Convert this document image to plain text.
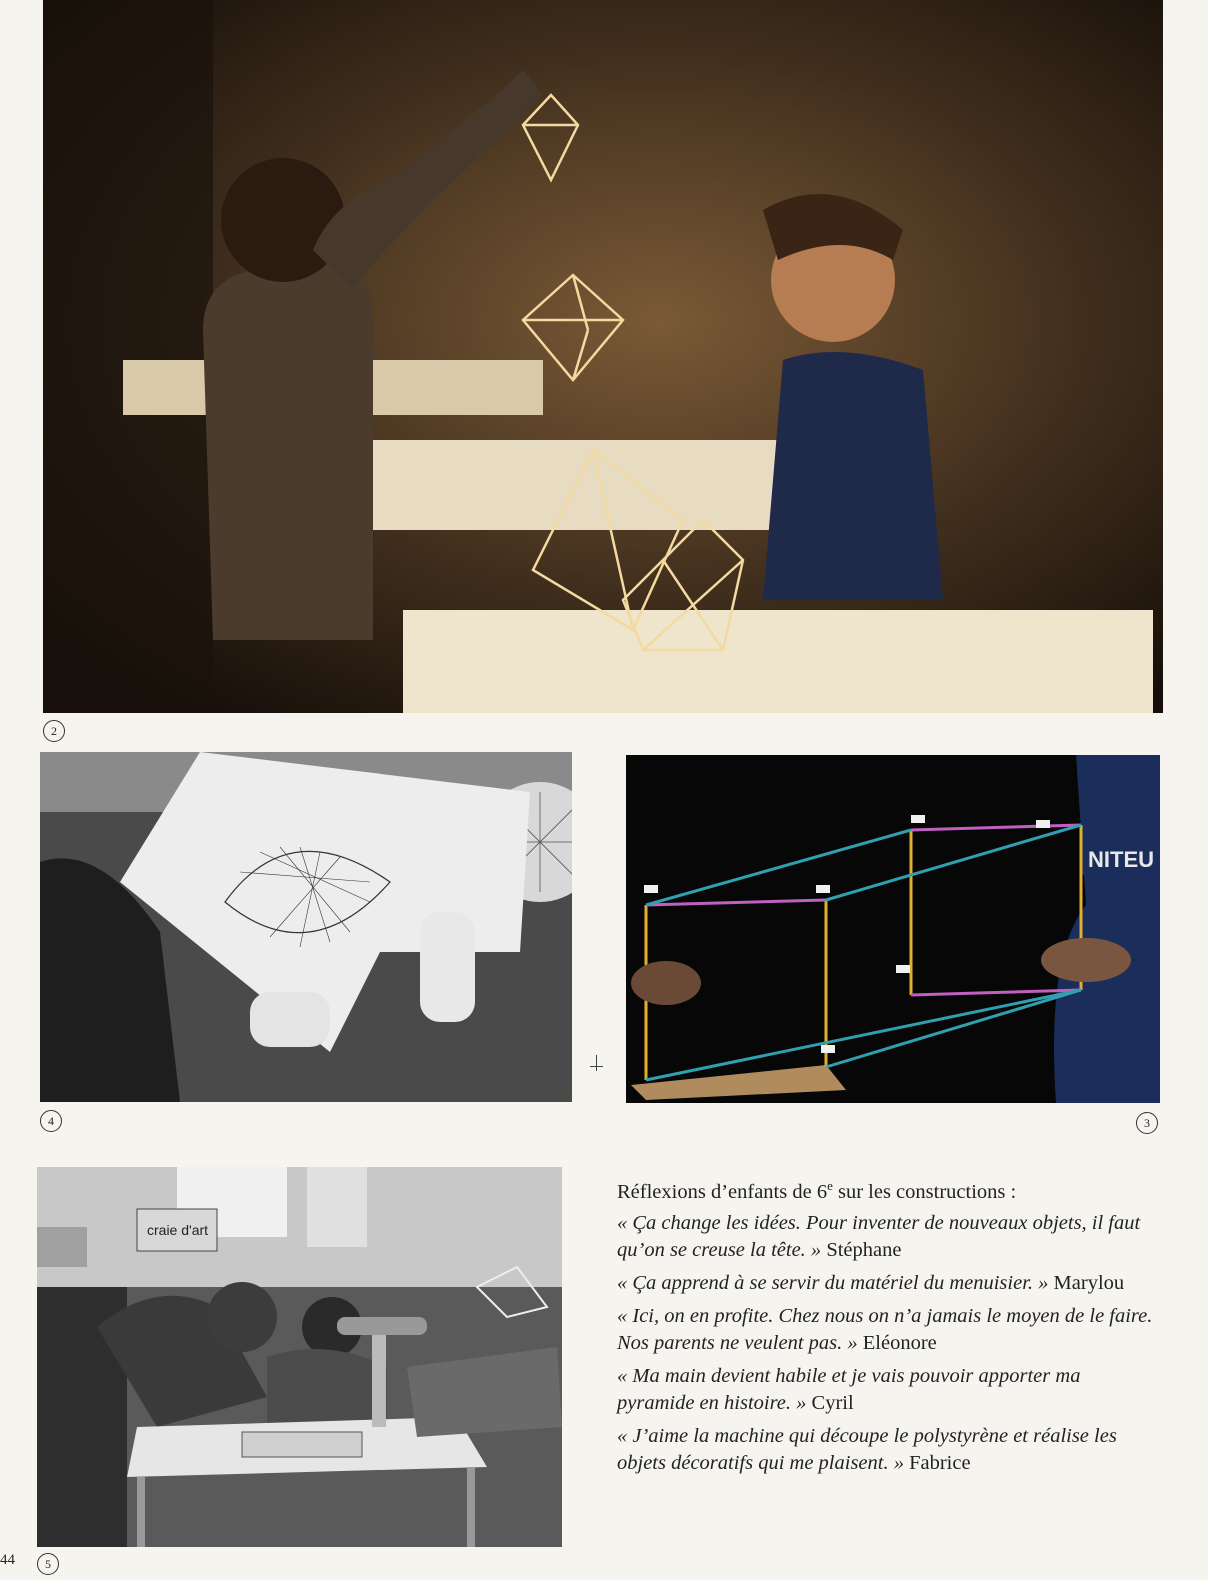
2
4
NITEU
3
craie d'art
5
44

Réflexions d’enfants de 6e sur les constructions :

« Ça change les idées. Pour inventer de nouveaux objets, il faut qu’on se creuse la tête. » Stéphane

« Ça apprend à se servir du matériel du menuisier. » Marylou

« Ici, on en profite. Chez nous on n’a jamais le moyen de le faire. Nos parents ne veulent pas. » Eléonore

« Ma main devient habile et je vais pouvoir apporter ma pyramide en histoire. » Cyril

« J’aime la machine qui découpe le polystyrène et réalise les objets décoratifs qui me plaisent. » Fabrice
